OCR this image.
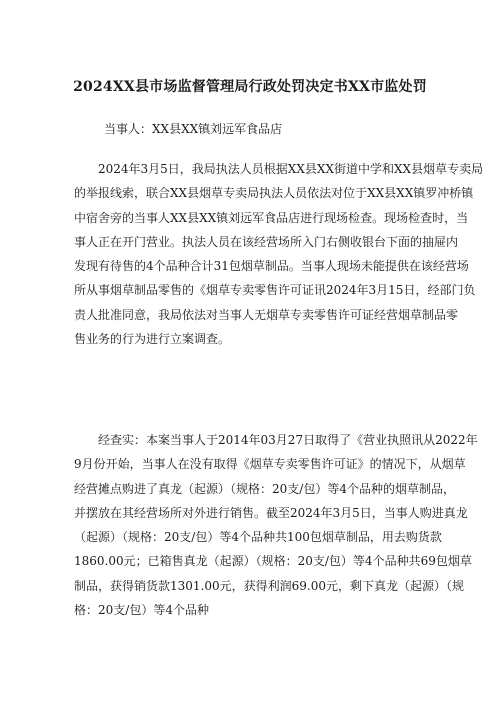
2024XX县市场监督管理局行政处罚决定书XX市监处罚
当事人：XX县XX镇刘远军食品店
　　2024年3月5日，我局执法人员根据XX县XX街道中学和XX县烟草专卖局
的举报线索，联合XX县烟草专卖局执法人员依法对位于XX县XX镇罗冲桥镇
中宿舍旁的当事人XX县XX镇刘远军食品店进行现场检查。现场检查时，当
事人正在开门营业。执法人员在该经营场所入门右侧收银台下面的抽屉内
发现有待售的4个品种合计31包烟草制品。当事人现场未能提供在该经营场
所从事烟草制品零售的《烟草专卖零售许可证讯2024年3月15日，经部门负
责人批准同意，我局依法对当事人无烟草专卖零售许可证经营烟草制品零
售业务的行为进行立案调查。
　　经查实：本案当事人于2014年03月27日取得了《营业执照讯从2022年
9月份开始，当事人在没有取得《烟草专卖零售许可证》的情况下，从烟草
经营摊点购进了真龙（起源）（规格：20支/包）等4个品种的烟草制品，
并摆放在其经营场所对外进行销售。截至2024年3月5日，当事人购进真龙
（起源）（规格：20支/包）等4个品种共100包烟草制品，用去购货款
1860.00元；已箱售真龙（起源）（规格：20支/包）等4个品种共69包烟草
制品，获得销货款1301.00元，获得利润69.00元，剩下真龙（起源）（规
格：20支/包）等4个品种
